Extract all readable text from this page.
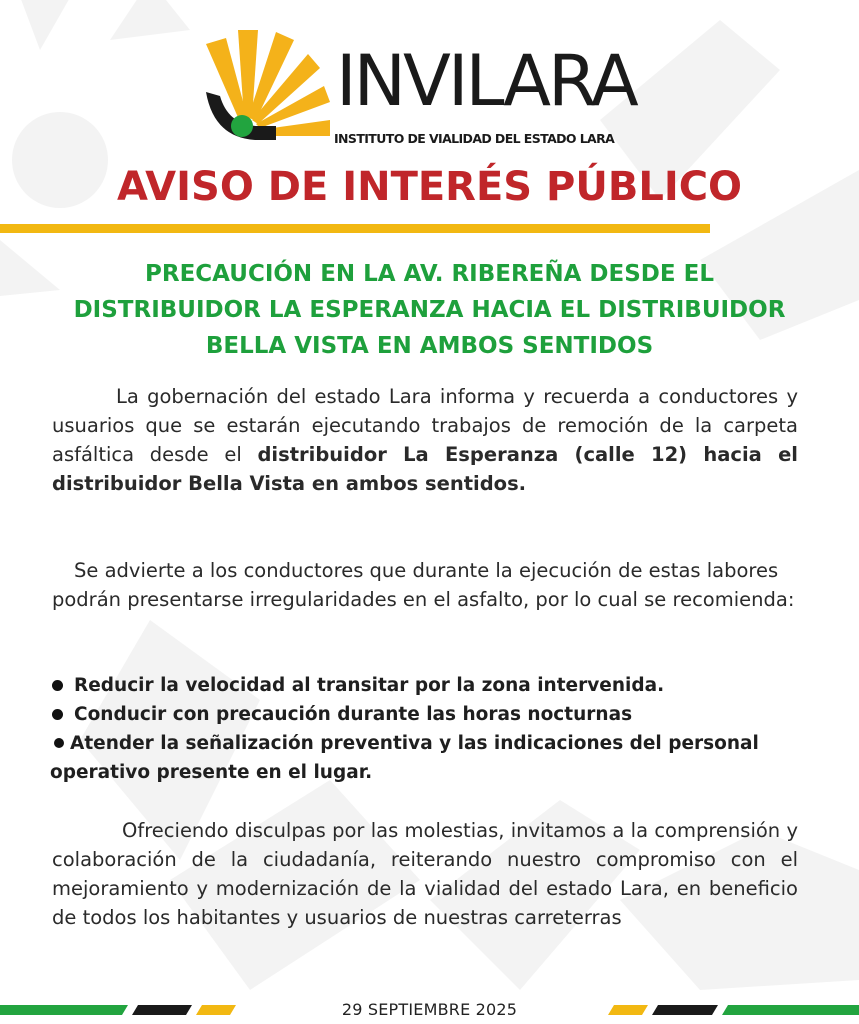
INVILARA
INSTITUTO DE VIALIDAD DEL ESTADO LARA
AVISO DE INTERÉS PÚBLICO
PRECAUCIÓN EN LA AV. RIBEREÑA DESDE EL
DISTRIBUIDOR LA ESPERANZA HACIA EL DISTRIBUIDOR
BELLA VISTA EN AMBOS SENTIDOS

La gobernación del estado Lara informa y recuerda a conductores y usuarios que se estarán ejecutando trabajos de remoción de la carpeta asfáltica desde el distribuidor La Esperanza (calle 12) hacia el distribuidor Bella Vista en ambos sentidos.

Se advierte a los conductores que durante la ejecución de estas labores podrán presentarse irregularidades en el asfalto, por lo cual se recomienda:

Reducir la velocidad al transitar por la zona intervenida.
Conducir con precaución durante las horas nocturnas
Atender la señalización preventiva y las indicaciones del personal
operativo presente en el lugar.

Ofreciendo disculpas por las molestias, invitamos a la comprensión y colaboración de la ciudadanía, reiterando nuestro compromiso con el mejoramiento y modernización de la vialidad del estado Lara, en beneficio de todos los habitantes y usuarios de nuestras carreterras

29 SEPTIEMBRE 2025
